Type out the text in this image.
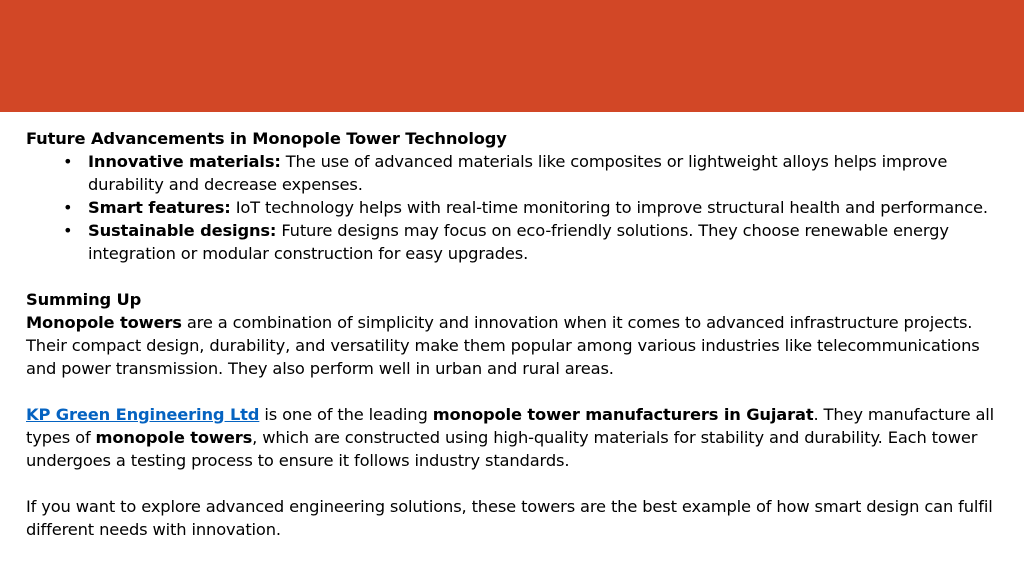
Future Advancements in Monopole Tower Technology

• Innovative materials: The use of advanced materials like composites or lightweight alloys helps improve durability and decrease expenses.
• Smart features: IoT technology helps with real-time monitoring to improve structural health and performance.
• Sustainable designs: Future designs may focus on eco-friendly solutions. They choose renewable energy integration or modular construction for easy upgrades.

Summing Up

Monopole towers are a combination of simplicity and innovation when it comes to advanced infrastructure projects. Their compact design, durability, and versatility make them popular among various industries like telecommunications and power transmission. They also perform well in urban and rural areas.

KP Green Engineering Ltd is one of the leading monopole tower manufacturers in Gujarat. They manufacture all types of monopole towers, which are constructed using high-quality materials for stability and durability. Each tower undergoes a testing process to ensure it follows industry standards.

If you want to explore advanced engineering solutions, these towers are the best example of how smart design can fulfil different needs with innovation.
